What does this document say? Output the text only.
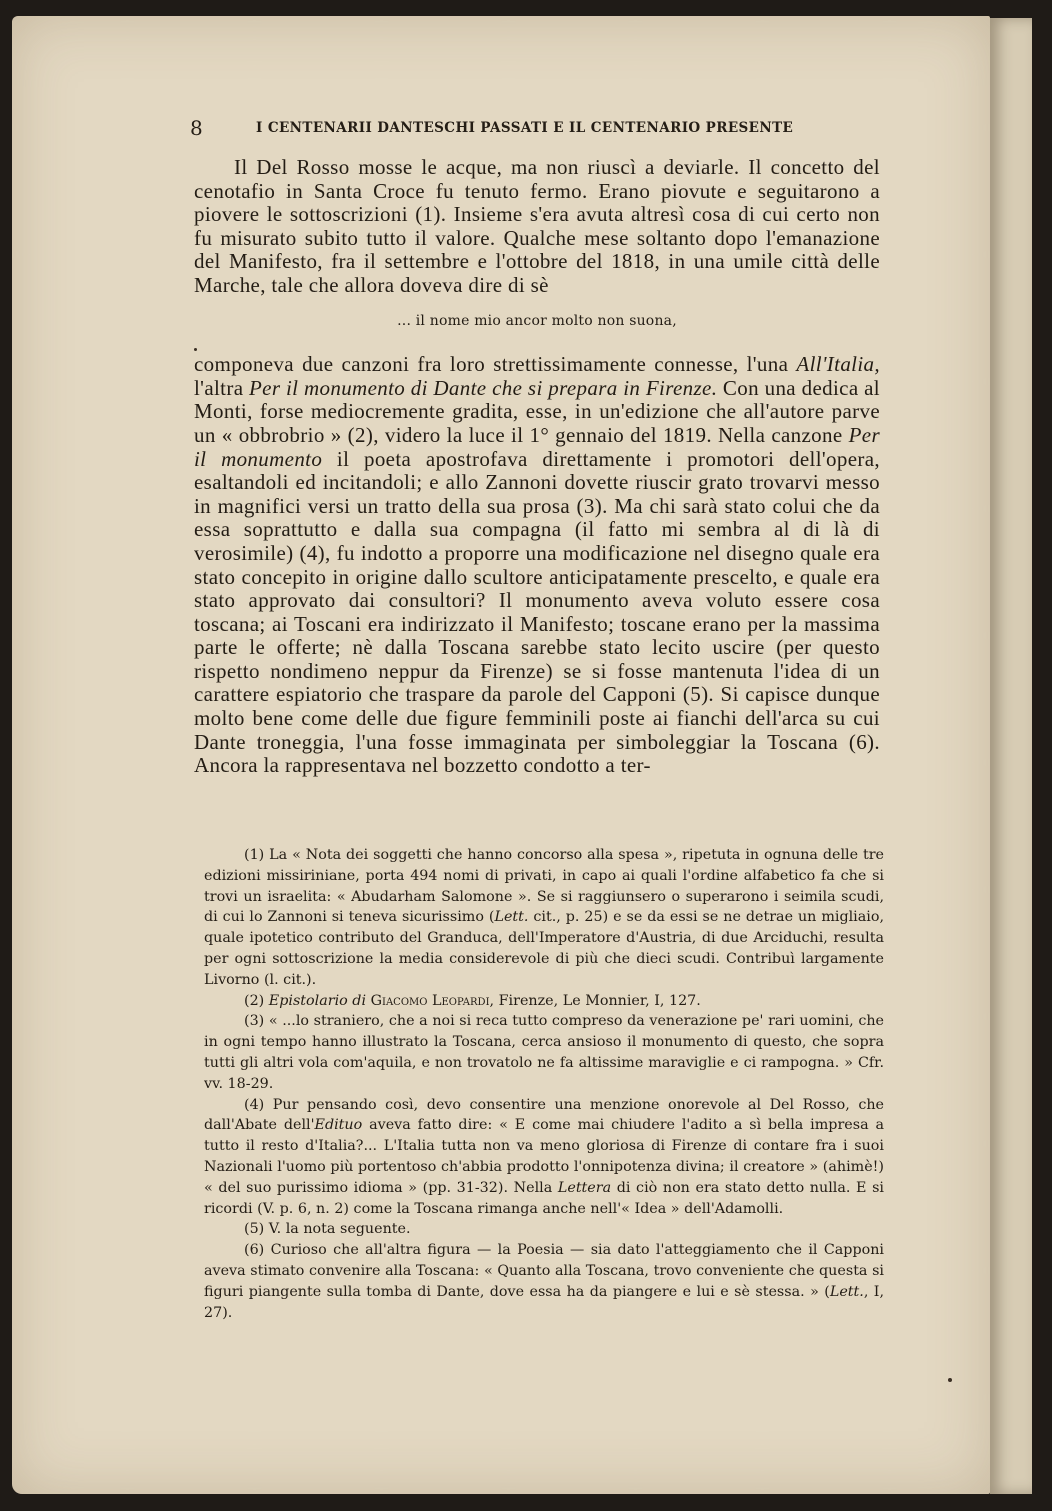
8	I CENTENARII DANTESCHI PASSATI E IL CENTENARIO PRESENTE

Il Del Rosso mosse le acque, ma non riuscì a deviarle. Il concetto del cenotafio in Santa Croce fu tenuto fermo. Erano piovute e seguitarono a piovere le sottoscrizioni (1). Insieme s'era avuta altresì cosa di cui certo non fu misurato subito tutto il valore. Qualche mese soltanto dopo l'emanazione del Manifesto, fra il settembre e l'ottobre del 1818, in una umile città delle Marche, tale che allora doveva dire di sè

... il nome mio ancor molto non suona,

componeva due canzoni fra loro strettissimamente connesse, l'una All'Italia, l'altra Per il monumento di Dante che si prepara in Firenze. Con una dedica al Monti, forse mediocremente gradita, esse, in un'edizione che all'autore parve un « obbrobrio » (2), videro la luce il 1° gennaio del 1819. Nella canzone Per il monumento il poeta apostrofava direttamente i promotori dell'opera, esaltandoli ed incitandoli; e allo Zannoni dovette riuscir grato trovarvi messo in magnifici versi un tratto della sua prosa (3). Ma chi sarà stato colui che da essa soprattutto e dalla sua compagna (il fatto mi sembra al di là di verosimile) (4), fu indotto a proporre una modificazione nel disegno quale era stato concepito in origine dallo scultore anticipatamente prescelto, e quale era stato approvato dai consultori? Il monumento aveva voluto essere cosa toscana; ai Toscani era indirizzato il Manifesto; toscane erano per la massima parte le offerte; nè dalla Toscana sarebbe stato lecito uscire (per questo rispetto nondimeno neppur da Firenze) se si fosse mantenuta l'idea di un carattere espiatorio che traspare da parole del Capponi (5). Si capisce dunque molto bene come delle due figure femminili poste ai fianchi dell'arca su cui Dante troneggia, l'una fosse immaginata per simboleggiar la Toscana (6). Ancora la rappresentava nel bozzetto condotto a ter-

(1) La « Nota dei soggetti che hanno concorso alla spesa », ripetuta in ognuna delle tre edizioni missiriniane, porta 494 nomi di privati, in capo ai quali l'ordine alfabetico fa che si trovi un israelita: « Abudarham Salomone ». Se si raggiunsero o superarono i seimila scudi, di cui lo Zannoni si teneva sicurissimo (Lett. cit., p. 25) e se da essi se ne detrae un migliaio, quale ipotetico contributo del Granduca, dell'Imperatore d'Austria, di due Arciduchi, resulta per ogni sottoscrizione la media considerevole di più che dieci scudi. Contribuì largamente Livorno (l. cit.).

(2) Epistolario di Giacomo Leopardi, Firenze, Le Monnier, I, 127.

(3) « ...lo straniero, che a noi si reca tutto compreso da venerazione pe' rari uomini, che in ogni tempo hanno illustrato la Toscana, cerca ansioso il monumento di questo, che sopra tutti gli altri vola com'aquila, e non trovatolo ne fa altissime maraviglie e ci rampogna. » Cfr. vv. 18-29.

(4) Pur pensando così, devo consentire una menzione onorevole al Del Rosso, che dall'Abate dell'Edituo aveva fatto dire: « E come mai chiudere l'adito a sì bella impresa a tutto il resto d'Italia?... L'Italia tutta non va meno gloriosa di Firenze di contare fra i suoi Nazionali l'uomo più portentoso ch'abbia prodotto l'onnipotenza divina; il creatore » (ahimè!) « del suo purissimo idioma » (pp. 31-32). Nella Lettera di ciò non era stato detto nulla. E si ricordi (V. p. 6, n. 2) come la Toscana rimanga anche nell'« Idea » dell'Adamolli.

(5) V. la nota seguente.

(6) Curioso che all'altra figura — la Poesia — sia dato l'atteggiamento che il Capponi aveva stimato convenire alla Toscana: « Quanto alla Toscana, trovo conveniente che questa si figuri piangente sulla tomba di Dante, dove essa ha da piangere e lui e sè stessa. » (Lett., I, 27).
